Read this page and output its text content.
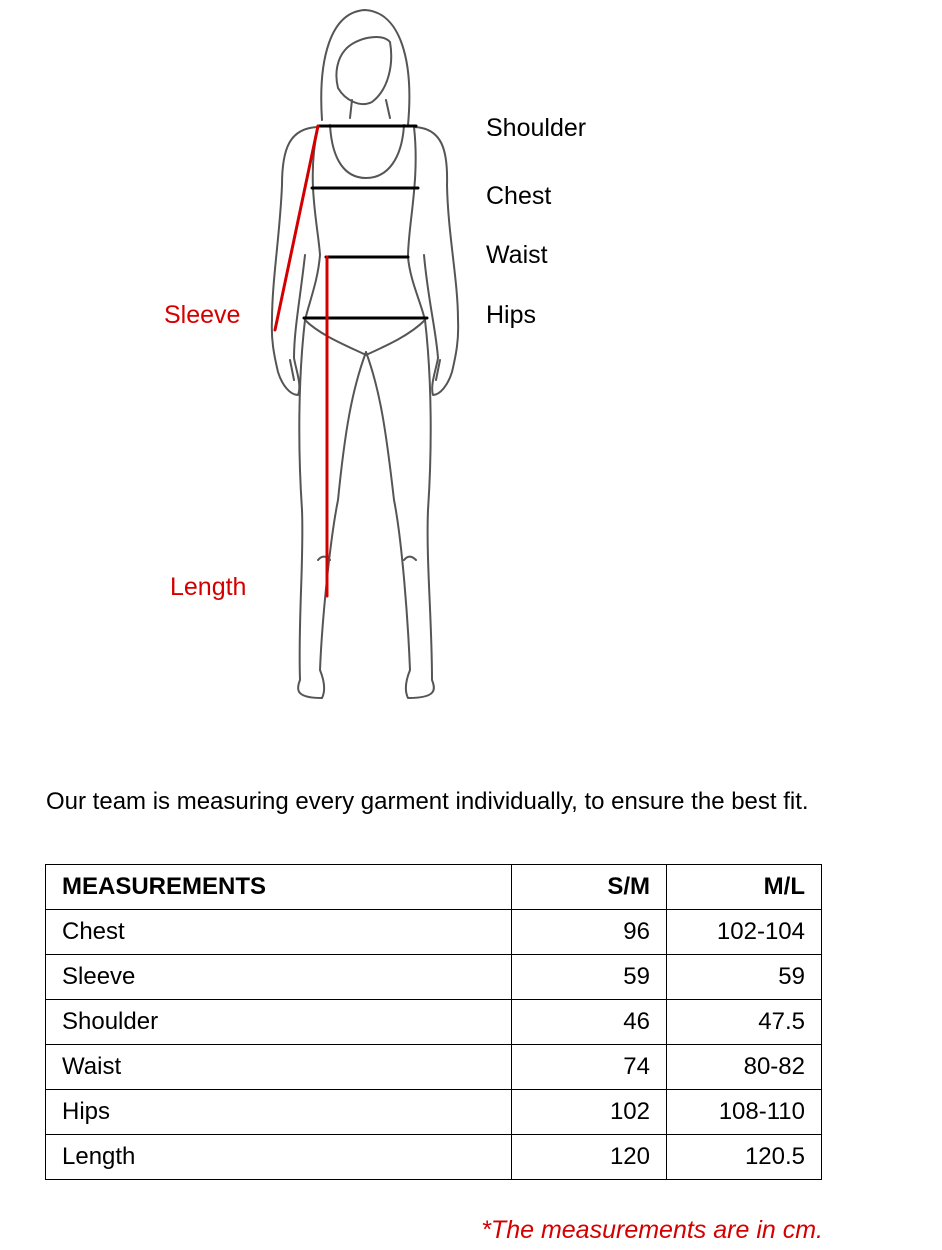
Shoulder
Chest
Waist
Hips
Sleeve
Length
Our team is measuring every garment individually, to ensure the best fit.
MEASUREMENTS	S/M	M/L
Chest	96	102-104
Sleeve	59	59
Shoulder	46	47.5
Waist	74	80-82
Hips	102	108-110
Length	120	120.5
*The measurements are in cm.
